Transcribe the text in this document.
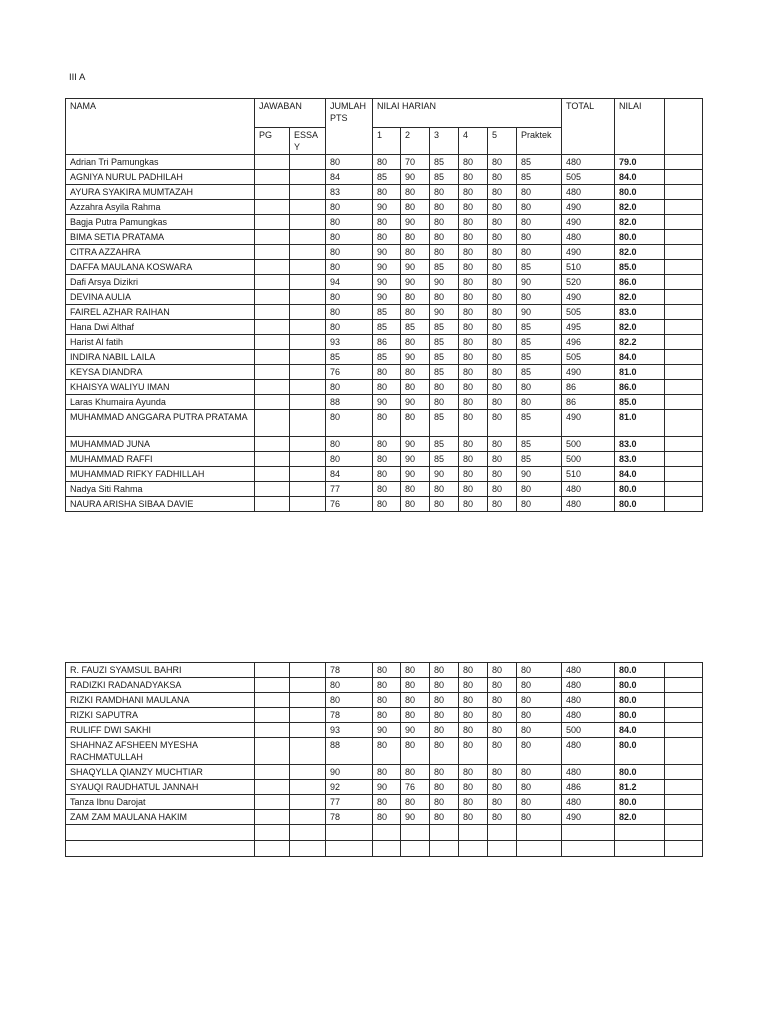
III A
NAMA	JAWABAN		JUMLAH PTS	NILAI HARIAN						TOTAL	NILAI	
	PG	ESSA Y		1	2	3	4	5	Praktek			
Adrian Tri Pamungkas			80	80	70	85	80	80	85	480	79.0	
AGNIYA NURUL PADHILAH			84	85	90	85	80	80	85	505	84.0	
AYURA SYAKIRA MUMTAZAH			83	80	80	80	80	80	80	480	80.0	
Azzahra Asyila Rahma			80	90	80	80	80	80	80	490	82.0	
Bagja Putra Pamungkas			80	80	90	80	80	80	80	490	82.0	
BIMA SETIA PRATAMA			80	80	80	80	80	80	80	480	80.0	
CITRA AZZAHRA			80	90	80	80	80	80	80	490	82.0	
DAFFA MAULANA KOSWARA			80	90	90	85	80	80	85	510	85.0	
Dafi Arsya Dizikri			94	90	90	90	80	80	90	520	86.0	
DEVINA AULIA			80	90	80	80	80	80	80	490	82.0	
FAIREL AZHAR RAIHAN			80	85	80	90	80	80	90	505	83.0	
Hana Dwi Althaf			80	85	85	85	80	80	85	495	82.0	
Harist Al fatih			93	86	80	85	80	80	85	496	82.2	
INDIRA NABIL LAILA			85	85	90	85	80	80	85	505	84.0	
KEYSA DIANDRA			76	80	80	85	80	80	85	490	81.0	
KHAISYA WALIYU IMAN			80	80	80	80	80	80	80	86	86.0	
Laras Khumaira Ayunda			88	90	90	80	80	80	80	86	85.0	
MUHAMMAD ANGGARA PUTRA PRATAMA			80	80	80	85	80	80	85	490	81.0	
MUHAMMAD JUNA			80	80	90	85	80	80	85	500	83.0	
MUHAMMAD RAFFI			80	80	90	85	80	80	85	500	83.0	
MUHAMMAD RIFKY FADHILLAH			84	80	90	90	80	80	90	510	84.0	
Nadya Siti Rahma			77	80	80	80	80	80	80	480	80.0	
NAURA ARISHA SIBAA DAVIE			76	80	80	80	80	80	80	480	80.0	
R. FAUZI SYAMSUL BAHRI			78	80	80	80	80	80	80	480	80.0	
RADIZKI RADANADYAKSA			80	80	80	80	80	80	80	480	80.0	
RIZKI RAMDHANI MAULANA			80	80	80	80	80	80	80	480	80.0	
RIZKI SAPUTRA			78	80	80	80	80	80	80	480	80.0	
RULIFF DWI SAKHI			93	90	90	80	80	80	80	500	84.0	
SHAHNAZ AFSHEEN MYESHA RACHMATULLAH			88	80	80	80	80	80	80	480	80.0	
SHAQYLLA QIANZY MUCHTIAR			90	80	80	80	80	80	80	480	80.0	
SYAUQI RAUDHATUL JANNAH			92	90	76	80	80	80	80	486	81.2	
Tanza Ibnu Darojat			77	80	80	80	80	80	80	480	80.0	
ZAM ZAM MAULANA HAKIM			78	80	90	80	80	80	80	490	82.0	
